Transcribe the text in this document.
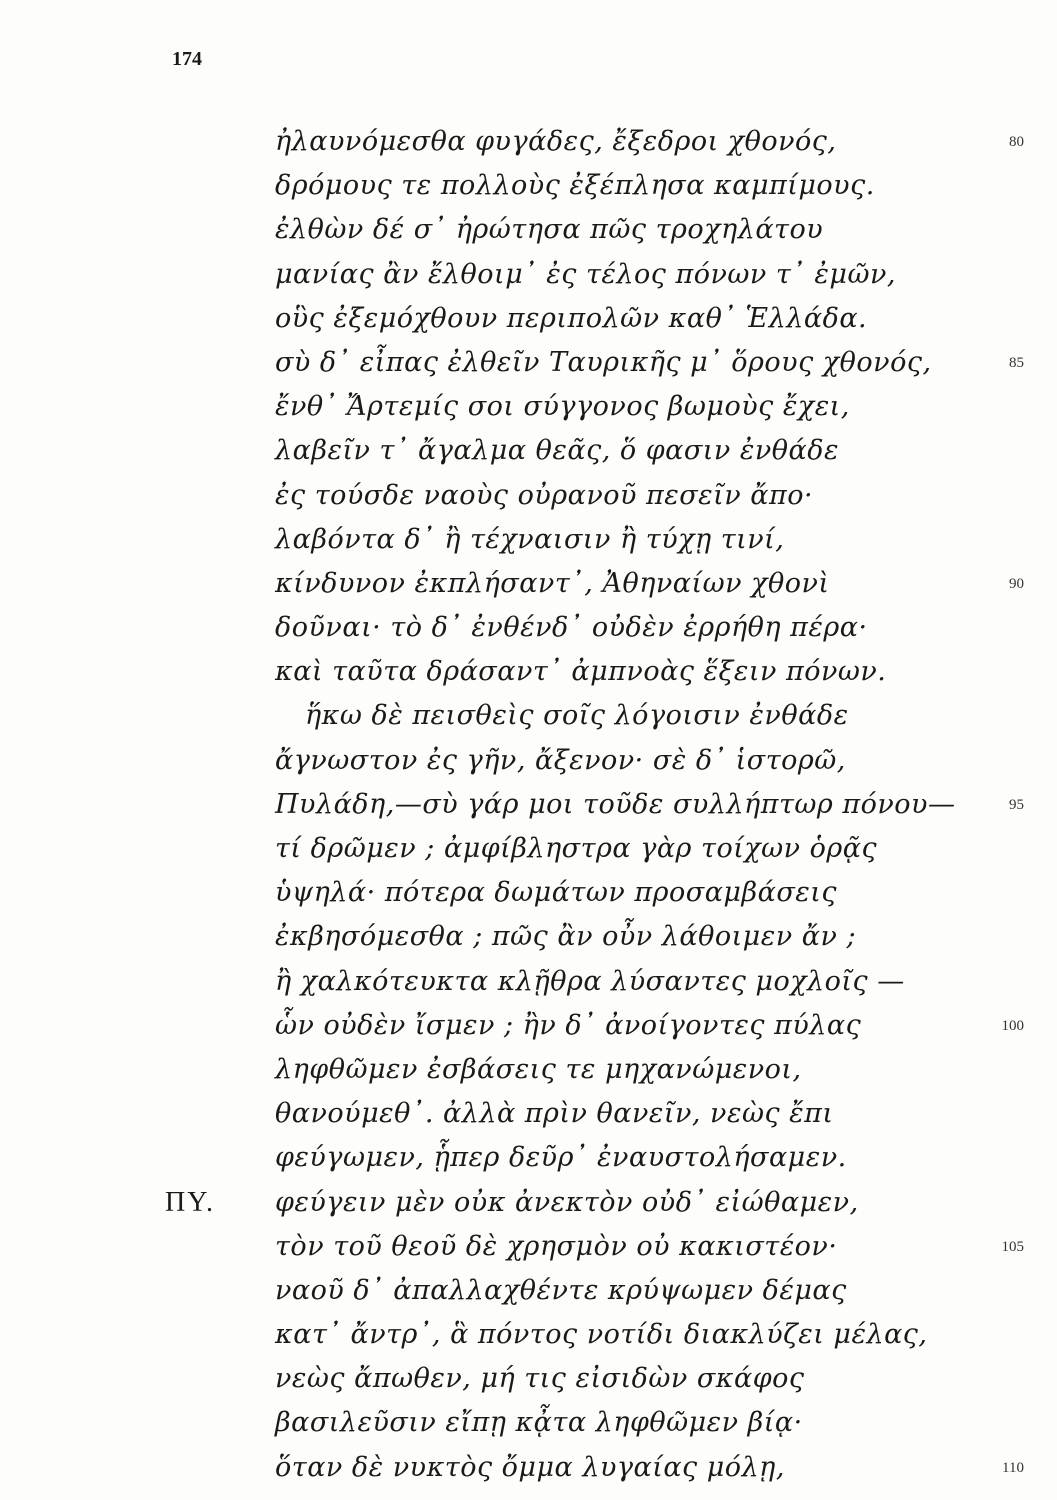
174
ἠλαυνόμεσθα φυγάδες, ἔξεδροι χθονός,	80
δρόμους τε πολλοὺς ἐξέπλησα καμπίμους.
ἐλθὼν δέ σ᾽ ἠρώτησα πῶς τροχηλάτου
μανίας ἂν ἔλθοιμ᾽ ἐς τέλος πόνων τ᾽ ἐμῶν,
οὓς ἐξεμόχθουν περιπολῶν καθ᾽ Ἑλλάδα.
σὺ δ᾽ εἶπας ἐλθεῖν Ταυρικῆς μ᾽ ὅρους χθονός,	85
ἔνθ᾽ Ἄρτεμίς σοι σύγγονος βωμοὺς ἔχει,
λαβεῖν τ᾽ ἄγαλμα θεᾶς, ὅ φασιν ἐνθάδε
ἐς τούσδε ναοὺς οὐρανοῦ πεσεῖν ἄπο·
λαβόντα δ᾽ ἢ τέχναισιν ἢ τύχῃ τινί,
κίνδυνον ἐκπλήσαντ᾽, Ἀθηναίων χθονὶ	90
δοῦναι· τὸ δ᾽ ἐνθένδ᾽ οὐδὲν ἐρρήθη πέρα·
καὶ ταῦτα δράσαντ᾽ ἀμπνοὰς ἕξειν πόνων.
ἥκω δὲ πεισθεὶς σοῖς λόγοισιν ἐνθάδε
ἄγνωστον ἐς γῆν, ἄξενον· σὲ δ᾽ ἱστορῶ,
Πυλάδη,—σὺ γάρ μοι τοῦδε συλλήπτωρ πόνου—	95
τί δρῶμεν ; ἀμφίβληστρα γὰρ τοίχων ὁρᾷς
ὑψηλά· πότερα δωμάτων προσαμβάσεις
ἐκβησόμεσθα ; πῶς ἂν οὖν λάθοιμεν ἄν ;
ἢ χαλκότευκτα κλῇθρα λύσαντες μοχλοῖς —
ὧν οὐδὲν ἴσμεν ; ἢν δ᾽ ἀνοίγοντες πύλας	100
ληφθῶμεν ἐσβάσεις τε μηχανώμενοι,
θανούμεθ᾽. ἀλλὰ πρὶν θανεῖν, νεὼς ἔπι
φεύγωμεν, ᾗπερ δεῦρ᾽ ἐναυστολήσαμεν.
ΠΥ. φεύγειν μὲν οὐκ ἀνεκτὸν οὐδ᾽ εἰώθαμεν,
τὸν τοῦ θεοῦ δὲ χρησμὸν οὐ κακιστέον·	105
ναοῦ δ᾽ ἀπαλλαχθέντε κρύψωμεν δέμας
κατ᾽ ἄντρ᾽, ἃ πόντος νοτίδι διακλύζει μέλας,
νεὼς ἄπωθεν, μή τις εἰσιδὼν σκάφος
βασιλεῦσιν εἴπῃ κᾆτα ληφθῶμεν βίᾳ·
ὅταν δὲ νυκτὸς ὄμμα λυγαίας μόλῃ,	110
